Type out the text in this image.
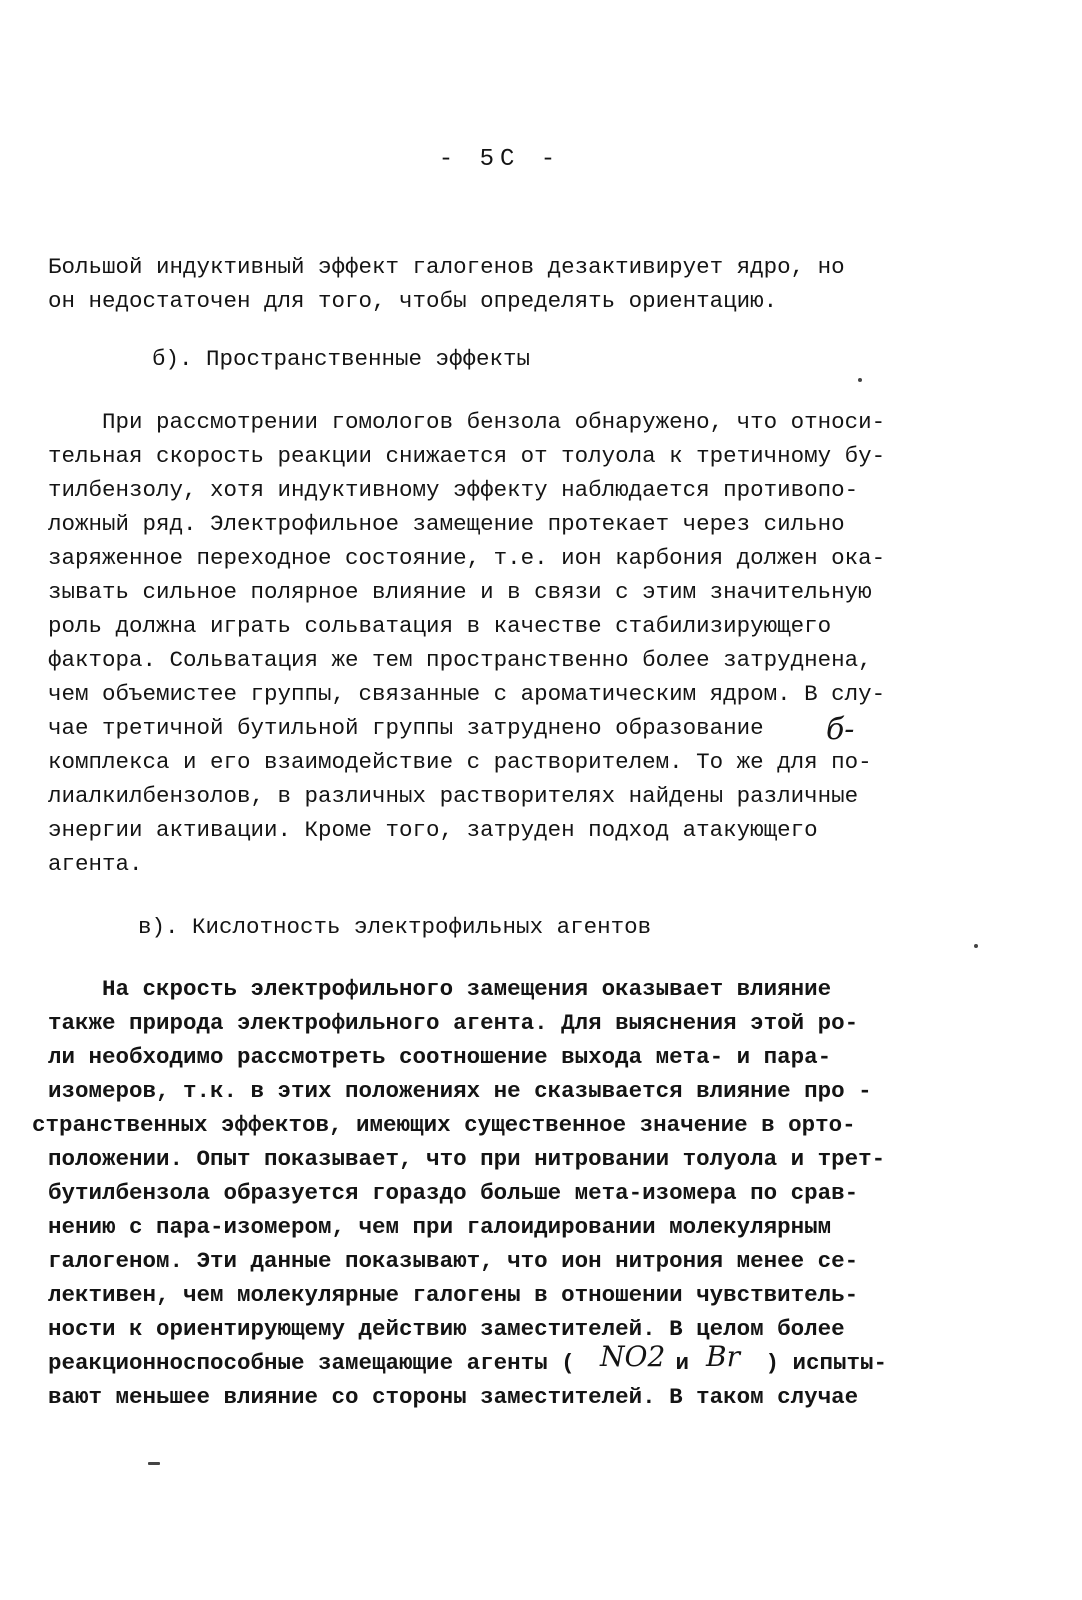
- 5С -
Большой индуктивный эффект галогенов дезактивирует ядро, но
он недостаточен для того, чтобы определять ориентацию.
б). Пространственные эффекты
При рассмотрении гомологов бензола обнаружено, что относи-
тельная скорость реакции снижается от толуола к третичному бу-
тилбензолу, хотя индуктивному эффекту наблюдается противопо-
ложный ряд. Электрофильное замещение протекает через сильно
заряженное переходное состояние, т.е. ион карбония должен ока-
зывать сильное полярное влияние и в связи с этим значительную
роль должна играть сольватация в качестве стабилизирующего
фактора. Сольватация же тем пространственно более затруднена,
чем объемистее группы, связанные с ароматическим ядром. В слу-
чае третичной бутильной группы затруднено образование б-
комплекса и его взаимодействие с растворителем. То же для по-
лиалкилбензолов, в различных растворителях найдены различные
энергии активации. Кроме того, затруден подход атакующего
агента.
в). Кислотность электрофильных агентов
На скрость электрофильного замещения оказывает влияние
также природа электрофильного агента. Для выяснения этой ро-
ли необходимо рассмотреть соотношение выхода мета- и пара-
изомеров, т.к. в этих положениях не сказывается влияние про -
странственных эффектов, имеющих существенное значение в орто-
положении. Опыт показывает, что при нитровании толуола и трет-
бутилбензола образуется гораздо больше мета-изомера по срав-
нению с пара-изомером, чем при галоидировании молекулярным
галогеном. Эти данные показывают, что ион нитрония менее се-
лективен, чем молекулярные галогены в отношении чувствитель-
ности к ориентирующему действию заместителей. В целом более
реакционноспособные замещающие агенты ( NO2
и Br ) испыты-
вают меньшее влияние со стороны заместителей. В таком случае
